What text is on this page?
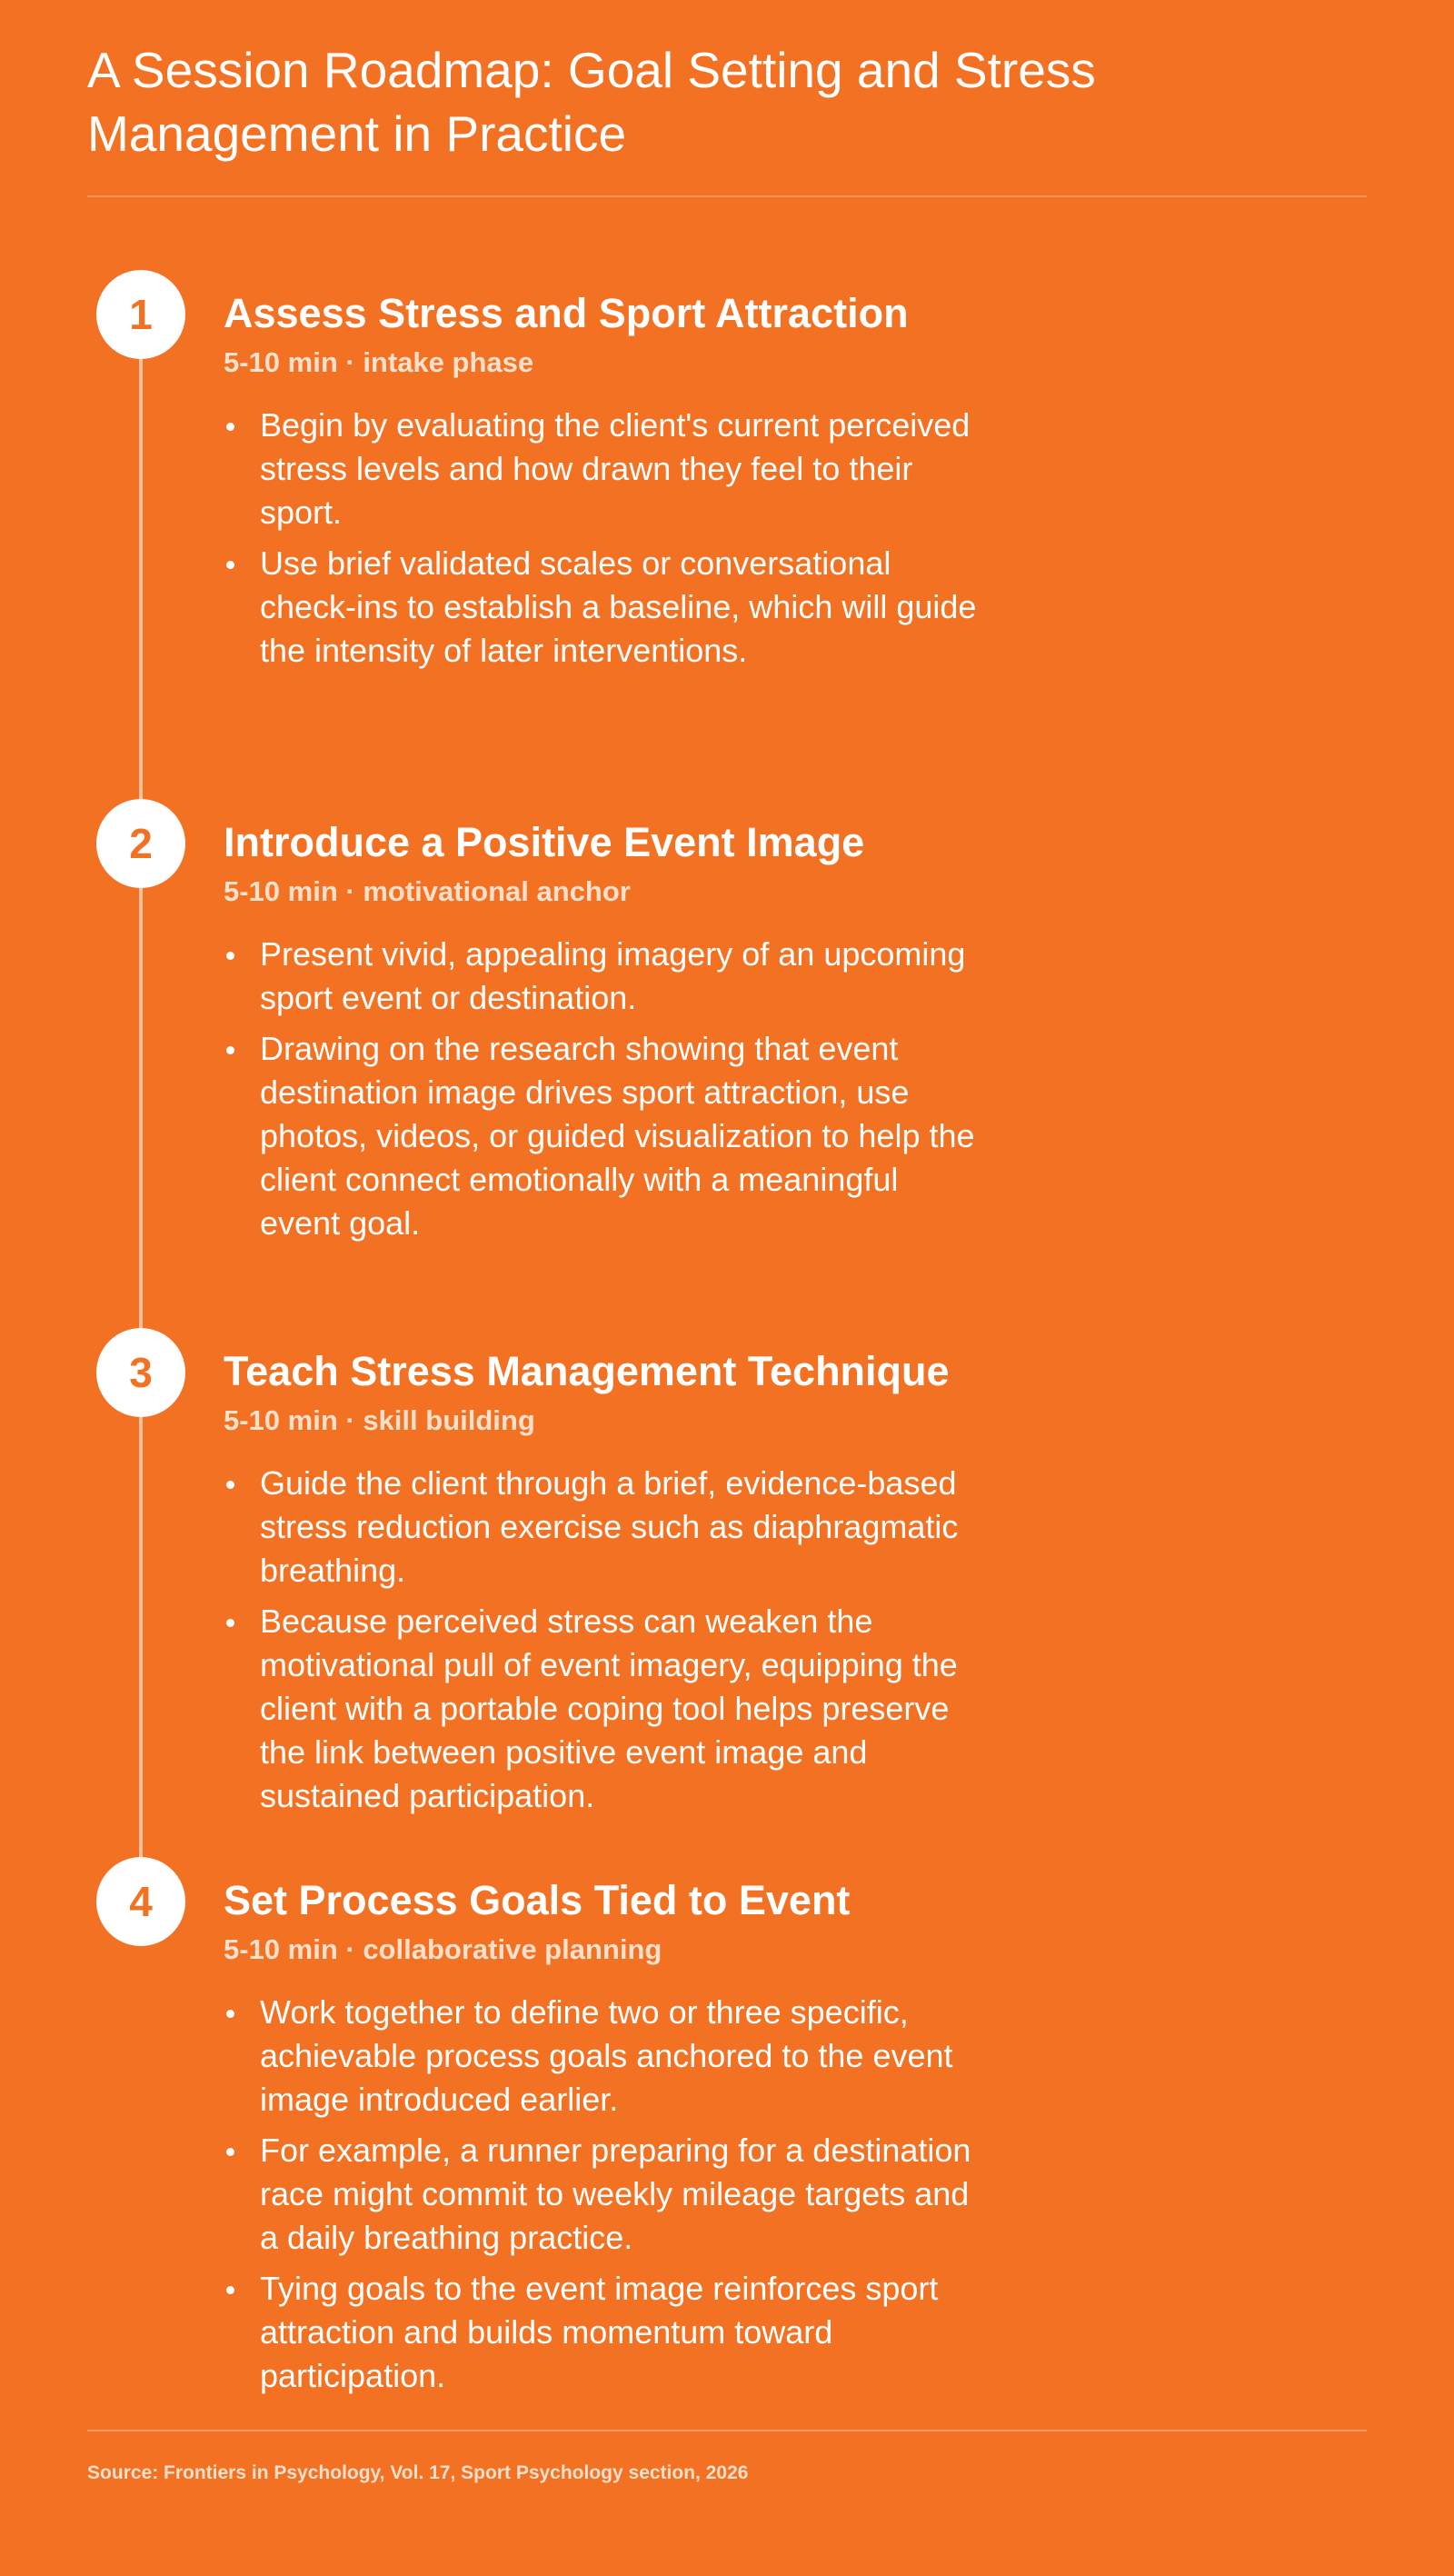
A Session Roadmap: Goal Setting and Stress Management in Practice
1	Assess Stress and Sport Attraction
5-10 min · intake phase
Begin by evaluating the client's current perceived stress levels and how drawn they feel to their sport.
Use brief validated scales or conversational check-ins to establish a baseline, which will guide the intensity of later interventions.
2	Introduce a Positive Event Image
5-10 min · motivational anchor
Present vivid, appealing imagery of an upcoming sport event or destination.
Drawing on the research showing that event destination image drives sport attraction, use photos, videos, or guided visualization to help the client connect emotionally with a meaningful event goal.
3	Teach Stress Management Technique
5-10 min · skill building
Guide the client through a brief, evidence-based stress reduction exercise such as diaphragmatic breathing.
Because perceived stress can weaken the motivational pull of event imagery, equipping the client with a portable coping tool helps preserve the link between positive event image and sustained participation.
4	Set Process Goals Tied to Event
5-10 min · collaborative planning
Work together to define two or three specific, achievable process goals anchored to the event image introduced earlier.
For example, a runner preparing for a destination race might commit to weekly mileage targets and a daily breathing practice.
Tying goals to the event image reinforces sport attraction and builds momentum toward participation.
Source: Frontiers in Psychology, Vol. 17, Sport Psychology section, 2026
